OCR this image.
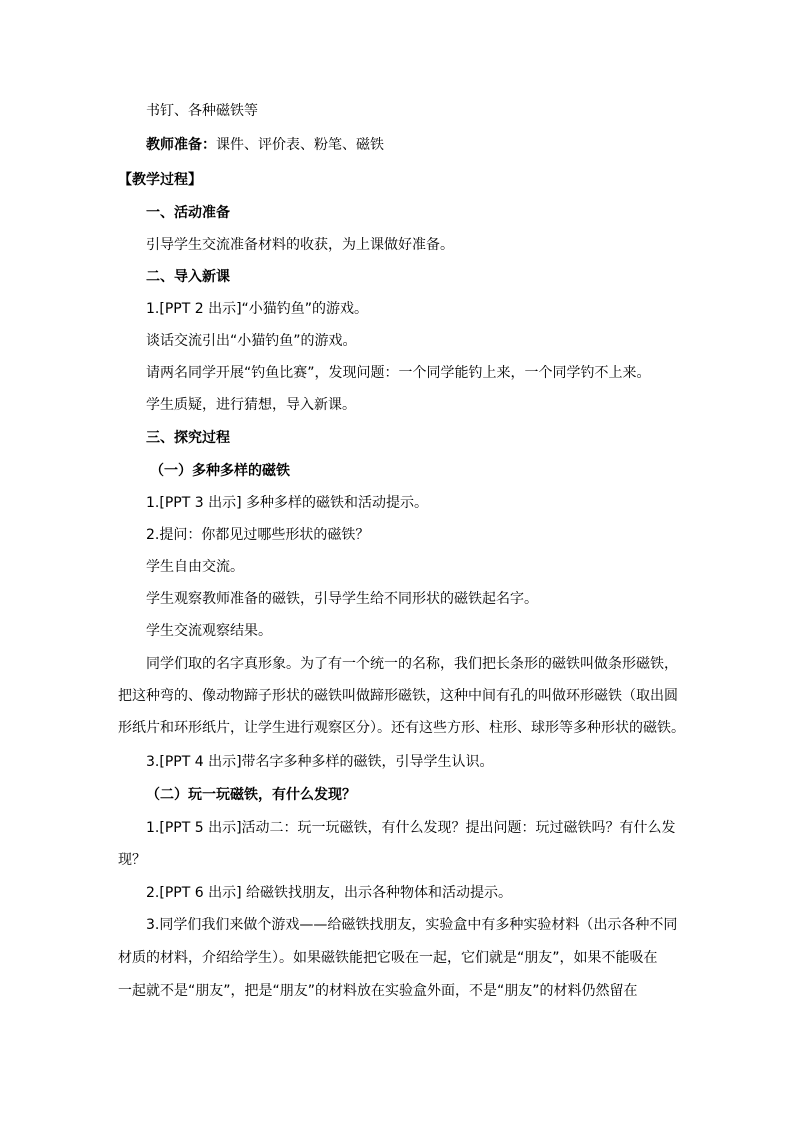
书钉、各种磁铁等
教师准备：课件、评价表、粉笔、磁铁
【教学过程】
一、活动准备
引导学生交流准备材料的收获，为上课做好准备。
二、导入新课
1.[PPT 2 出示]“小猫钓鱼”的游戏。
谈话交流引出“小猫钓鱼”的游戏。
请两名同学开展“钓鱼比赛”，发现问题：一个同学能钓上来，一个同学钓不上来。
学生质疑，进行猜想，导入新课。
三、探究过程
（一）多种多样的磁铁
1.[PPT 3 出示] 多种多样的磁铁和活动提示。
2.提问：你都见过哪些形状的磁铁？
学生自由交流。
学生观察教师准备的磁铁，引导学生给不同形状的磁铁起名字。
学生交流观察结果。
同学们取的名字真形象。为了有一个统一的名称，我们把长条形的磁铁叫做条形磁铁，
把这种弯的、像动物蹄子形状的磁铁叫做蹄形磁铁，这种中间有孔的叫做环形磁铁（取出圆
形纸片和环形纸片，让学生进行观察区分）。还有这些方形、柱形、球形等多种形状的磁铁。
3.[PPT 4 出示]带名字多种多样的磁铁，引导学生认识。
（二）玩一玩磁铁，有什么发现？
1.[PPT 5 出示]活动二：玩一玩磁铁，有什么发现？提出问题：玩过磁铁吗？有什么发
现？
2.[PPT 6 出示] 给磁铁找朋友，出示各种物体和活动提示。
3.同学们我们来做个游戏——给磁铁找朋友，实验盒中有多种实验材料（出示各种不同
材质的材料，介绍给学生）。如果磁铁能把它吸在一起，它们就是“朋友”，如果不能吸在
一起就不是“朋友”，把是“朋友”的材料放在实验盒外面，不是“朋友”的材料仍然留在
